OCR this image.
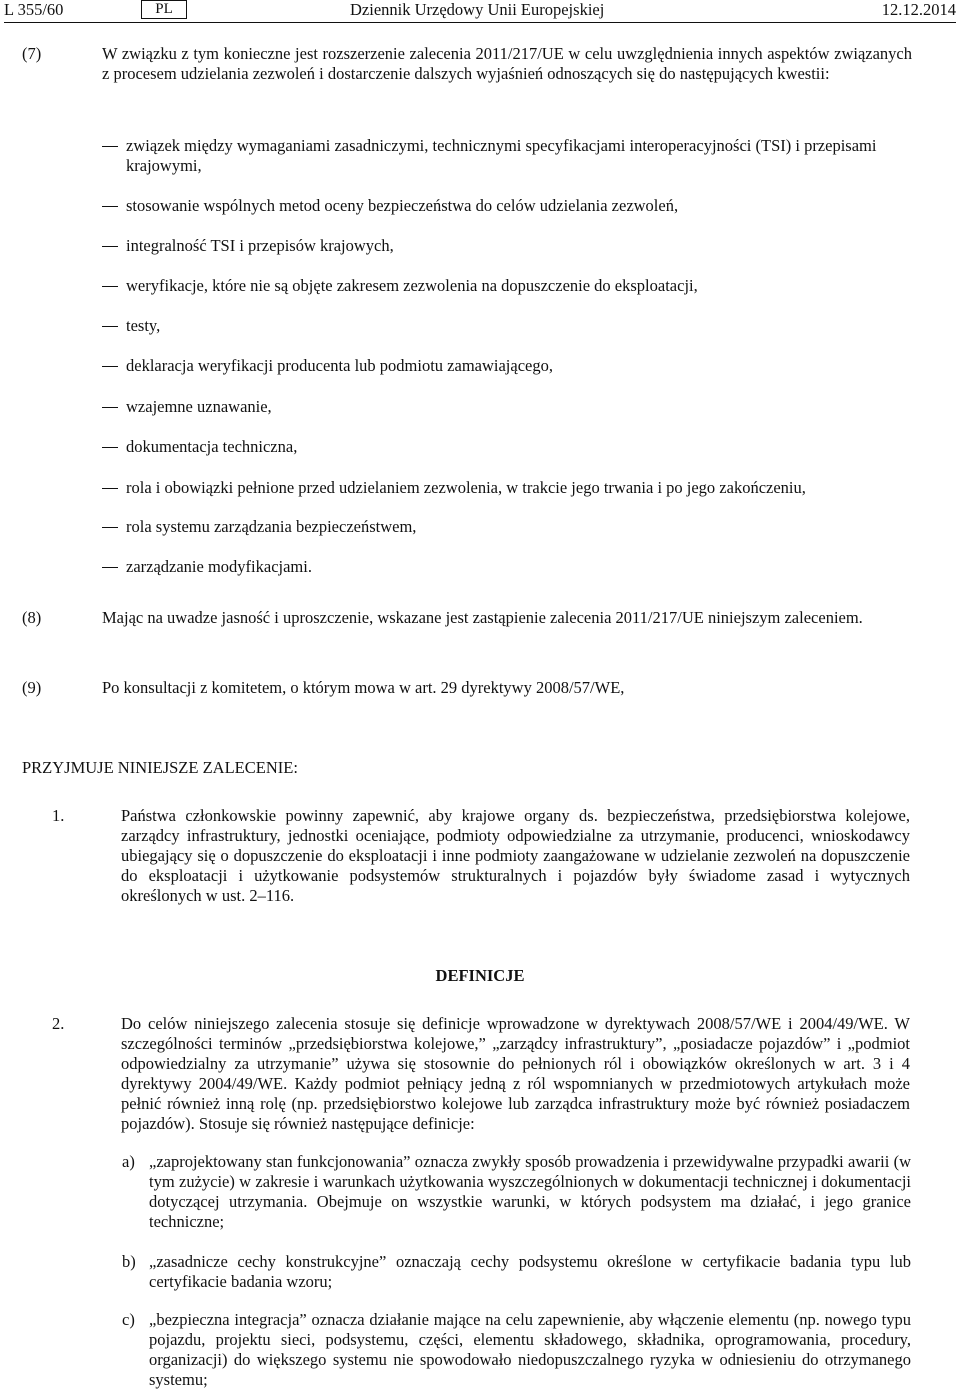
L 355/60	PL	Dziennik Urzędowy Unii Europejskiej	12.12.2014
(7)	W związku z tym konieczne jest rozszerzenie zalecenia 2011/217/UE w celu uwzględnienia innych aspektów związanych z procesem udzielania zezwoleń i dostarczenie dalszych wyjaśnień odnoszących się do następujących kwestii:
związek między wymaganiami zasadniczymi, technicznymi specyfikacjami interoperacyjności (TSI) i przepisami krajowymi,
stosowanie wspólnych metod oceny bezpieczeństwa do celów udzielania zezwoleń,
integralność TSI i przepisów krajowych,
weryfikacje, które nie są objęte zakresem zezwolenia na dopuszczenie do eksploatacji,
testy,
deklaracja weryfikacji producenta lub podmiotu zamawiającego,
wzajemne uznawanie,
dokumentacja techniczna,
rola i obowiązki pełnione przed udzielaniem zezwolenia, w trakcie jego trwania i po jego zakończeniu,
rola systemu zarządzania bezpieczeństwem,
zarządzanie modyfikacjami.
(8)	Mając na uwadze jasność i uproszczenie, wskazane jest zastąpienie zalecenia 2011/217/UE niniejszym zaleceniem.
(9)	Po konsultacji z komitetem, o którym mowa w art. 29 dyrektywy 2008/57/WE,
PRZYJMUJE NINIEJSZE ZALECENIE:
1.	Państwa członkowskie powinny zapewnić, aby krajowe organy ds. bezpieczeństwa, przedsiębiorstwa kolejowe, zarządcy infrastruktury, jednostki oceniające, podmioty odpowiedzialne za utrzymanie, producenci, wnioskodawcy ubiegający się o dopuszczenie do eksploatacji i inne podmioty zaangażowane w udzielanie zezwoleń na dopuszczenie do eksploatacji i użytkowanie podsystemów strukturalnych i pojazdów były świadome zasad i wytycznych określonych w ust. 2–116.
DEFINICJE
2.	Do celów niniejszego zalecenia stosuje się definicje wprowadzone w dyrektywach 2008/57/WE i 2004/49/WE. W szczególności terminów „przedsiębiorstwa kolejowe,” „zarządcy infrastruktury”, „posiadacze pojazdów” i „podmiot odpowiedzialny za utrzymanie” używa się stosownie do pełnionych ról i obowiązków określonych w art. 3 i 4 dyrektywy 2004/49/WE. Każdy podmiot pełniący jedną z ról wspomnianych w przedmiotowych artykułach może pełnić również inną rolę (np. przedsiębiorstwo kolejowe lub zarządca infrastruktury może być również posiadaczem pojazdów). Stosuje się również następujące definicje:
a) „zaprojektowany stan funkcjonowania” oznacza zwykły sposób prowadzenia i przewidywalne przypadki awarii (w tym zużycie) w zakresie i warunkach użytkowania wyszczególnionych w dokumentacji technicznej i dokumentacji dotyczącej utrzymania. Obejmuje on wszystkie warunki, w których podsystem ma działać, i jego granice techniczne;
b) „zasadnicze cechy konstrukcyjne” oznaczają cechy podsystemu określone w certyfikacie badania typu lub certyfikacie badania wzoru;
c) „bezpieczna integracja” oznacza działanie mające na celu zapewnienie, aby włączenie elementu (np. nowego typu pojazdu, projektu sieci, podsystemu, części, elementu składowego, składnika, oprogramowania, procedury, organizacji) do większego systemu nie spowodowało niedopuszczalnego ryzyka w odniesieniu do otrzymanego systemu;
